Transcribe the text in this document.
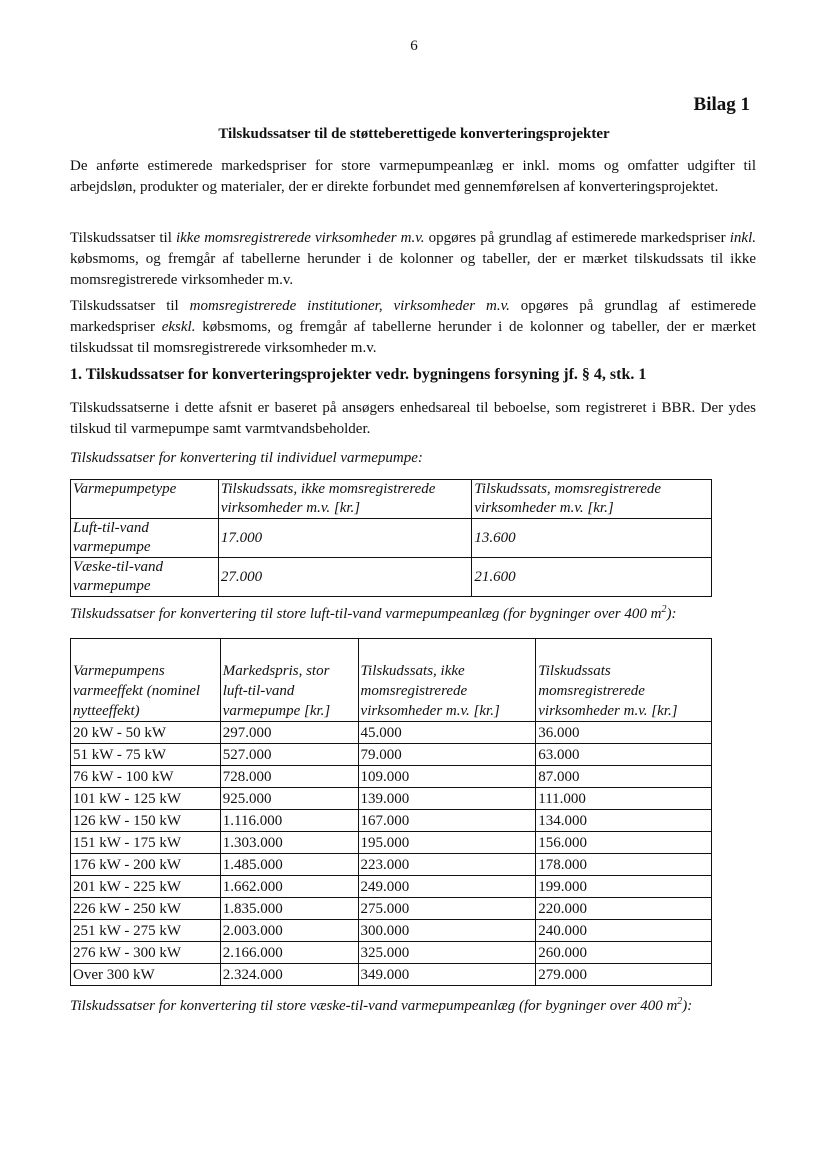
6
Bilag 1
Tilskudssatser til de støtteberettigede konverteringsprojekter

De anførte estimerede markedspriser for store varmepumpeanlæg er inkl. moms og omfatter udgifter til arbejdsløn, produkter og materialer, der er direkte forbundet med gennemførelsen af konverteringsprojektet.

Tilskudssatser til ikke momsregistrerede virksomheder m.v. opgøres på grundlag af estimerede markedspriser inkl. købsmoms, og fremgår af tabellerne herunder i de kolonner og tabeller, der er mærket tilskudssats til ikke momsregistrerede virksomheder m.v.

Tilskudssatser til momsregistrerede institutioner, virksomheder m.v. opgøres på grundlag af estimerede markedspriser ekskl. købsmoms, og fremgår af tabellerne herunder i de kolonner og tabeller, der er mærket tilskudssat til momsregistrerede virksomheder m.v.

1. Tilskudssatser for konverteringsprojekter vedr. bygningens forsyning jf. § 4, stk. 1

Tilskudssatserne i dette afsnit er baseret på ansøgers enhedsareal til beboelse, som registreret i BBR. Der ydes tilskud til varmepumpe samt varmtvandsbeholder.

Tilskudssatser for konvertering til individuel varmepumpe:
Varmepumpetype	Tilskudssats, ikke momsregistrerede virksomheder m.v. [kr.]	Tilskudssats, momsregistrerede virksomheder m.v. [kr.]
Luft-til-vand varmepumpe	17.000	13.600
Væske-til-vand varmepumpe	27.000	21.600
Tilskudssatser for konvertering til store luft-til-vand varmepumpeanlæg (for bygninger over 400 $m^2$):
Varmepumpens varmeeffekt (nominel nytteeffekt)	Markedspris, stor luft-til-vand varmepumpe [kr.]	Tilskudssats, ikke momsregistrerede virksomheder m.v. [kr.]	Tilskudssats momsregistrerede virksomheder m.v. [kr.]
20 kW - 50 kW	297.000	45.000	36.000
51 kW - 75 kW	527.000	79.000	63.000
76 kW - 100 kW	728.000	109.000	87.000
101 kW - 125 kW	925.000	139.000	111.000
126 kW - 150 kW	1.116.000	167.000	134.000
151 kW - 175 kW	1.303.000	195.000	156.000
176 kW - 200 kW	1.485.000	223.000	178.000
201 kW - 225 kW	1.662.000	249.000	199.000
226 kW - 250 kW	1.835.000	275.000	220.000
251 kW - 275 kW	2.003.000	300.000	240.000
276 kW - 300 kW	2.166.000	325.000	260.000
Over 300 kW	2.324.000	349.000	279.000
Tilskudssatser for konvertering til store væske-til-vand varmepumpeanlæg (for bygninger over 400 $m^2$):
